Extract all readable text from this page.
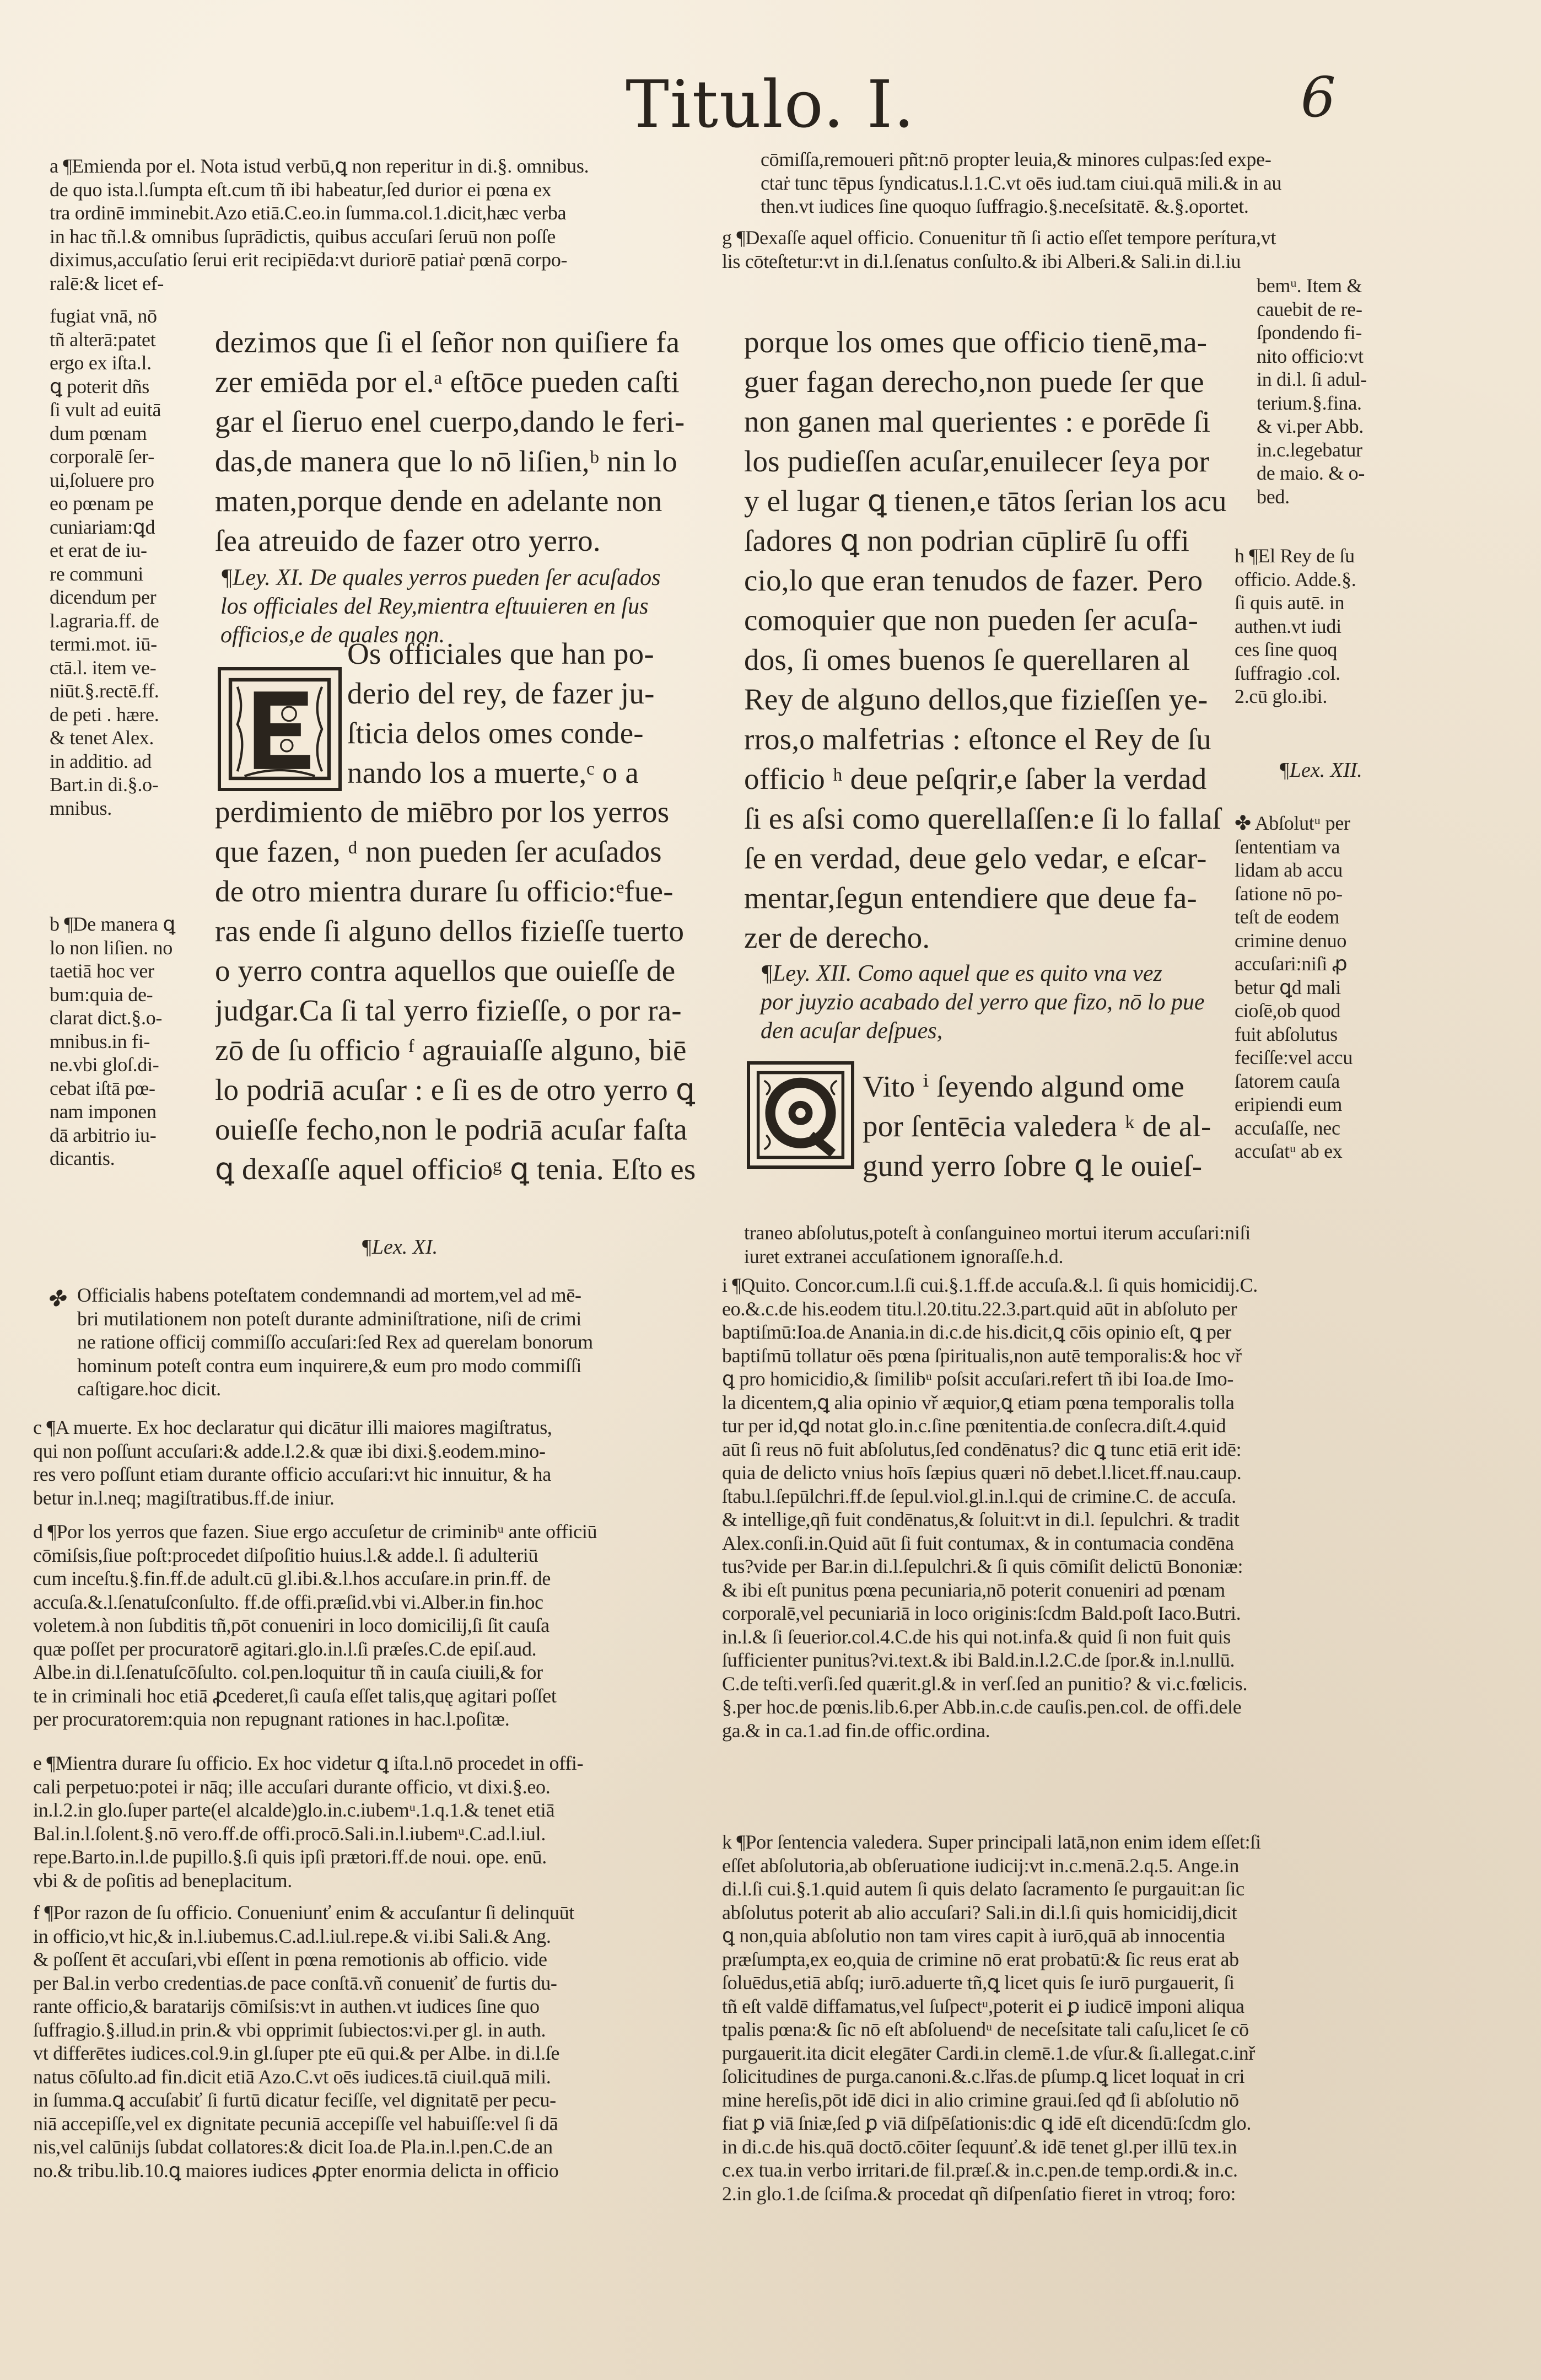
Titulo. I.	6

a ¶Emienda por el. Nota istud verbū,ꝗ non reperitur in di.§. omnibus.
de quo ista.l.ſumpta eſt.cum tñ ibi habeatur,ſed durior ei pœna ex
tra ordinē imminebit.Azo etiā.C.eo.in ſumma.col.1.dicit,hæc verba
in hac tñ.l.& omnibus ſuprādictis, quibus accuſari ſeruū non poſſe
diximus,accuſatio ſerui erit recipiēda:vt duriorē patiaṙ pœnā corpo-
ralē:& licet ef-

fugiat vnā, nō
tñ alterā:patet
ergo ex iſta.l.
ꝗ poterit dñs
ſi vult ad euitā
dum pœnam
corporalē ſer-
ui,ſoluere pro
eo pœnam pe
cuniariam:ꝗd
et erat de iu-
re communi
dicendum per
l.agraria.ff. de
termi.mot. iū-
ctā.l. item ve-
niūt.§.rectē.ff.
de peti . hære.
& tenet Alex.
in additio. ad
Bart.in di.§.o-
mnibus.

dezimos que ſi el ſeñor non quiſiere fa
zer emiēda por el.ᵃ eſtōce pueden caſti
gar el ſieruo enel cuerpo,dando le feri-
das,de manera que lo nō liſien,ᵇ nin lo
maten,porque dende en adelante non
ſea atreuido de fazer otro yerro.

¶Ley. XI. De quales yerros pueden ſer acuſados
los officiales del Rey,mientra eſtuuieren en ſus
officios,e de quales non.

Os officiales que han po-
derio del rey, de fazer ju-
ſticia delos omes conde-
nando los a muerte,ᶜ o a

perdimiento de miēbro por los yerros
que fazen, ᵈ non pueden ſer acuſados
de otro mientra durare ſu officio:ᵉfue-
ras ende ſi alguno dellos fizieſſe tuerto
o yerro contra aquellos que ouieſſe de
judgar.Ca ſi tal yerro fizieſſe, o por ra-
zō de ſu officio ᶠ agrauiaſſe alguno, biē
lo podriā acuſar : e ſi es de otro yerro ꝗ
ouieſſe fecho,non le podriā acuſar faſta
ꝗ dexaſſe aquel officioᵍ ꝗ tenia. Eſto es

b ¶De manera ꝗ
lo non liſien. no
taetiā hoc ver
bum:quia de-
clarat dict.§.o-
mnibus.in fi-
ne.vbi gloſ.di-
cebat iſtā pœ-
nam imponen
dā arbitrio iu-
dicantis.

¶Lex. XI.

✤ Officialis habens poteſtatem condemnandi ad mortem,vel ad mē-
bri mutilationem non poteſt durante adminiſtratione, niſi de crimi
ne ratione officij commiſſo accuſari:ſed Rex ad querelam bonorum
hominum poteſt contra eum inquirere,& eum pro modo commiſſi
caſtigare.hoc dicit.

c ¶A muerte. Ex hoc declaratur qui dicātur illi maiores magiſtratus,
qui non poſſunt accuſari:& adde.l.2.& quæ ibi dixi.§.eodem.mino-
res vero poſſunt etiam durante officio accuſari:vt hic innuitur, & ha
betur in.l.neq; magiſtratibus.ff.de iniur.

d ¶Por los yerros que fazen. Siue ergo accuſetur de criminibᵘ ante officiū
cōmiſsis,ſiue poſt:procedet diſpoſitio huius.l.& adde.l. ſi adulteriū
cum inceſtu.§.fin.ff.de adult.cū gl.ibi.&.l.hos accuſare.in prin.ff. de
accuſa.&.l.ſenatuſconſulto. ff.de offi.præſid.vbi vi.Alber.in fin.hoc
voletem.à non ſubditis tñ,pōt conueniri in loco domicilij,ſi ſit cauſa
quæ poſſet per procuratorē agitari.glo.in.l.ſi præſes.C.de epiſ.aud.
Albe.in di.l.ſenatuſcōſulto. col.pen.loquitur tñ in cauſa ciuili,& for
te in criminali hoc etiā ꝓcederet,ſi cauſa eſſet talis,quę agitari poſſet
per procuratorem:quia non repugnant rationes in hac.l.poſitæ.

e ¶Mientra durare ſu officio. Ex hoc videtur ꝗ iſta.l.nō procedet in offi-
cali perpetuo:potei ir nāq; ille accuſari durante officio, vt dixi.§.eo.
in.l.2.in glo.ſuper parte(el alcalde)glo.in.c.iubemᵘ.1.q.1.& tenet etiā
Bal.in.l.ſolent.§.nō vero.ff.de offi.procō.Sali.in.l.iubemᵘ.C.ad.l.iul.
repe.Barto.in.l.de pupillo.§.ſi quis ipſi prætori.ff.de noui. ope. enū.
vbi & de poſitis ad beneplacitum.

f ¶Por razon de ſu officio. Conueniunť enim & accuſantur ſi delinquūt
in officio,vt hic,& in.l.iubemus.C.ad.l.iul.repe.& vi.ibi Sali.& Ang.
& poſſent ēt accuſari,vbi eſſent in pœna remotionis ab officio. vide
per Bal.in verbo credentias.de pace conſtā.vñ conueniť de furtis du-
rante officio,& baratarijs cōmiſsis:vt in authen.vt iudices ſine quo
ſuffragio.§.illud.in prin.& vbi opprimit ſubiectos:vi.per gl. in auth.
vt differētes iudices.col.9.in gl.ſuper pte eū qui.& per Albe. in di.l.ſe
natus cōſulto.ad fin.dicit etiā Azo.C.vt oēs iudices.tā ciuil.quā mili.
in ſumma.ꝗ accuſabiť ſi furtū dicatur feciſſe, vel dignitatē per pecu-
niā accepiſſe,vel ex dignitate pecuniā accepiſſe vel habuiſſe:vel ſi dā
nis,vel calūnijs ſubdat collatores:& dicit Ioa.de Pla.in.l.pen.C.de an
no.& tribu.lib.10.ꝗ maiores iudices ꝓpter enormia delicta in officio

cōmiſſa,remoueri pñt:nō propter leuia,& minores culpas:ſed expe-
ctaṙ tunc tēpus ſyndicatus.l.1.C.vt oēs iud.tam ciui.quā mili.& in au
then.vt iudices ſine quoquo ſuffragio.§.neceſsitatē. &.§.oportet.

g ¶Dexaſſe aquel officio. Conuenitur tñ ſi actio eſſet tempore perítura,vt
lis cōteſtetur:vt in di.l.ſenatus conſulto.& ibi Alberi.& Sali.in di.l.iu

bemᵘ. Item &
cauebit de re-
ſpondendo fi-
nito officio:vt
in di.l. ſi adul-
terium.§.fina.
& vi.per Abb.
in.c.legebatur
de maio. & o-
bed.

porque los omes que officio tienē,ma-
guer fagan derecho,non puede ſer que
non ganen mal querientes : e porēde ſi
los pudieſſen acuſar,enuilecer ſeya por
y el lugar ꝗ tienen,e tātos ſerian los acu
ſadores ꝗ non podrian cūplirē ſu offi
cio,lo que eran tenudos de fazer. Pero
comoquier que non pueden ſer acuſa-
dos, ſi omes buenos ſe querellaren al
Rey de alguno dellos,que fizieſſen ye-
rros,o malfetrias : eſtonce el Rey de ſu
officio ʰ deue peſqrir,e ſaber la verdad
ſi es aſsi como querellaſſen:e ſi lo fallaſ
ſe en verdad, deue gelo vedar, e eſcar-
mentar,ſegun entendiere que deue fa-
zer de derecho.

h ¶El Rey de ſu
officio. Adde.§.
ſi quis autē. in
authen.vt iudi
ces ſine quoq
ſuffragio .col.
2.cū glo.ibi.

¶Lex. XII.

✤ Abſolutᵘ per
ſententiam va
lidam ab accu
ſatione nō po-
teſt de eodem
crimine denuo
accuſari:niſi ꝓ
betur ꝗd mali
cioſē,ob quod
fuit abſolutus
feciſſe:vel accu
ſatorem cauſa
eripiendi eum
accuſaſſe, nec
accuſatᵘ ab ex

¶Ley. XII. Como aquel que es quito vna vez
por juyzio acabado del yerro que fizo, nō lo pue
den acuſar deſpues,

Vito ⁱ ſeyendo algund ome
por ſentēcia valedera ᵏ de al-
gund yerro ſobre ꝗ le ouieſ-

traneo abſolutus,poteſt à conſanguineo mortui iterum accuſari:niſi
iuret extranei accuſationem ignoraſſe.h.d.

i ¶Quito. Concor.cum.l.ſi cui.§.1.ff.de accuſa.&.l. ſi quis homicidij.C.
eo.&.c.de his.eodem titu.l.20.titu.22.3.part.quid aūt in abſoluto per
baptiſmū:Ioa.de Anania.in di.c.de his.dicit,ꝗ cōis opinio eſt, ꝗ per
baptiſmū tollatur oēs pœna ſpiritualis,non autē temporalis:& hoc vř
ꝗ pro homicidio,& ſimilibᵘ poſsit accuſari.refert tñ ibi Ioa.de Imo-
la dicentem,ꝗ alia opinio vř æquior,ꝗ etiam pœna temporalis tolla
tur per id,ꝗd notat glo.in.c.ſine pœnitentia.de conſecra.diſt.4.quid
aūt ſi reus nō fuit abſolutus,ſed condēnatus? dic ꝗ tunc etiā erit idē:
quia de delicto vnius hoīs ſæpius quæri nō debet.l.licet.ff.nau.caup.
ſtabu.l.ſepūlchri.ff.de ſepul.viol.gl.in.l.qui de crimine.C. de accuſa.
& intellige,qñ fuit condēnatus,& ſoluit:vt in di.l. ſepulchri. & tradit
Alex.conſi.in.Quid aūt ſi fuit contumax, & in contumacia condēna
tus?vide per Bar.in di.l.ſepulchri.& ſi quis cōmiſit delictū Bononiæ:
& ibi eſt punitus pœna pecuniaria,nō poterit conueniri ad pœnam
corporalē,vel pecuniariā in loco originis:ſcdm Bald.poſt Iaco.Butri.
in.l.& ſi ſeuerior.col.4.C.de his qui not.infa.& quid ſi non fuit quis
ſufficienter punitus?vi.text.& ibi Bald.in.l.2.C.de ſpor.& in.l.nullū.
C.de teſti.verſi.ſed quærit.gl.& in verſ.ſed an punitio? & vi.c.fœlicis.
§.per hoc.de pœnis.lib.6.per Abb.in.c.de cauſis.pen.col. de offi.dele
ga.& in ca.1.ad fin.de offic.ordina.

k ¶Por ſentencia valedera. Super principali latā,non enim idem eſſet:ſi
eſſet abſolutoria,ab obſeruatione iudicij:vt in.c.menā.2.q.5. Ange.in
di.l.ſi cui.§.1.quid autem ſi quis delato ſacramento ſe purgauit:an ſic
abſolutus poterit ab alio accuſari? Sali.in di.l.ſi quis homicidij,dicit
ꝗ non,quia abſolutio non tam vires capit à iurō,quā ab innocentia
præſumpta,ex eo,quia de crimine nō erat probatū:& ſic reus erat ab
ſoluēdus,etiā abſq; iurō.aduerte tñ,ꝗ licet quis ſe iurō purgauerit, ſi
tñ eſt valdē diffamatus,vel ſuſpectᵘ,poterit ei ꝑ iudicē imponi aliqua
tpalis pœna:& ſic nō eſt abſoluendᵘ de neceſsitate tali caſu,licet ſe cō
purgauerit.ita dicit elegāter Cardi.in clemē.1.de vſur.& ſi.allegat.c.inř
ſolicitudines de purga.canoni.&.c.lřas.de pſump.ꝗ licet loquaṫ in cri
mine hereſis,pōt idē dici in alio crimine graui.ſed qđ ſi abſolutio nō
fiat ꝑ viā ſniæ,ſed ꝑ viā diſpēſationis:dic ꝗ idē eſt dicendū:ſcdm glo.
in di.c.de his.quā doctō.cōiter ſequunť.& idē tenet gl.per illū tex.in
c.ex tua.in verbo irritari.de fil.præſ.& in.c.pen.de temp.ordi.& in.c.
2.in glo.1.de ſciſma.& procedat qñ diſpenſatio fieret in vtroq; foro:
